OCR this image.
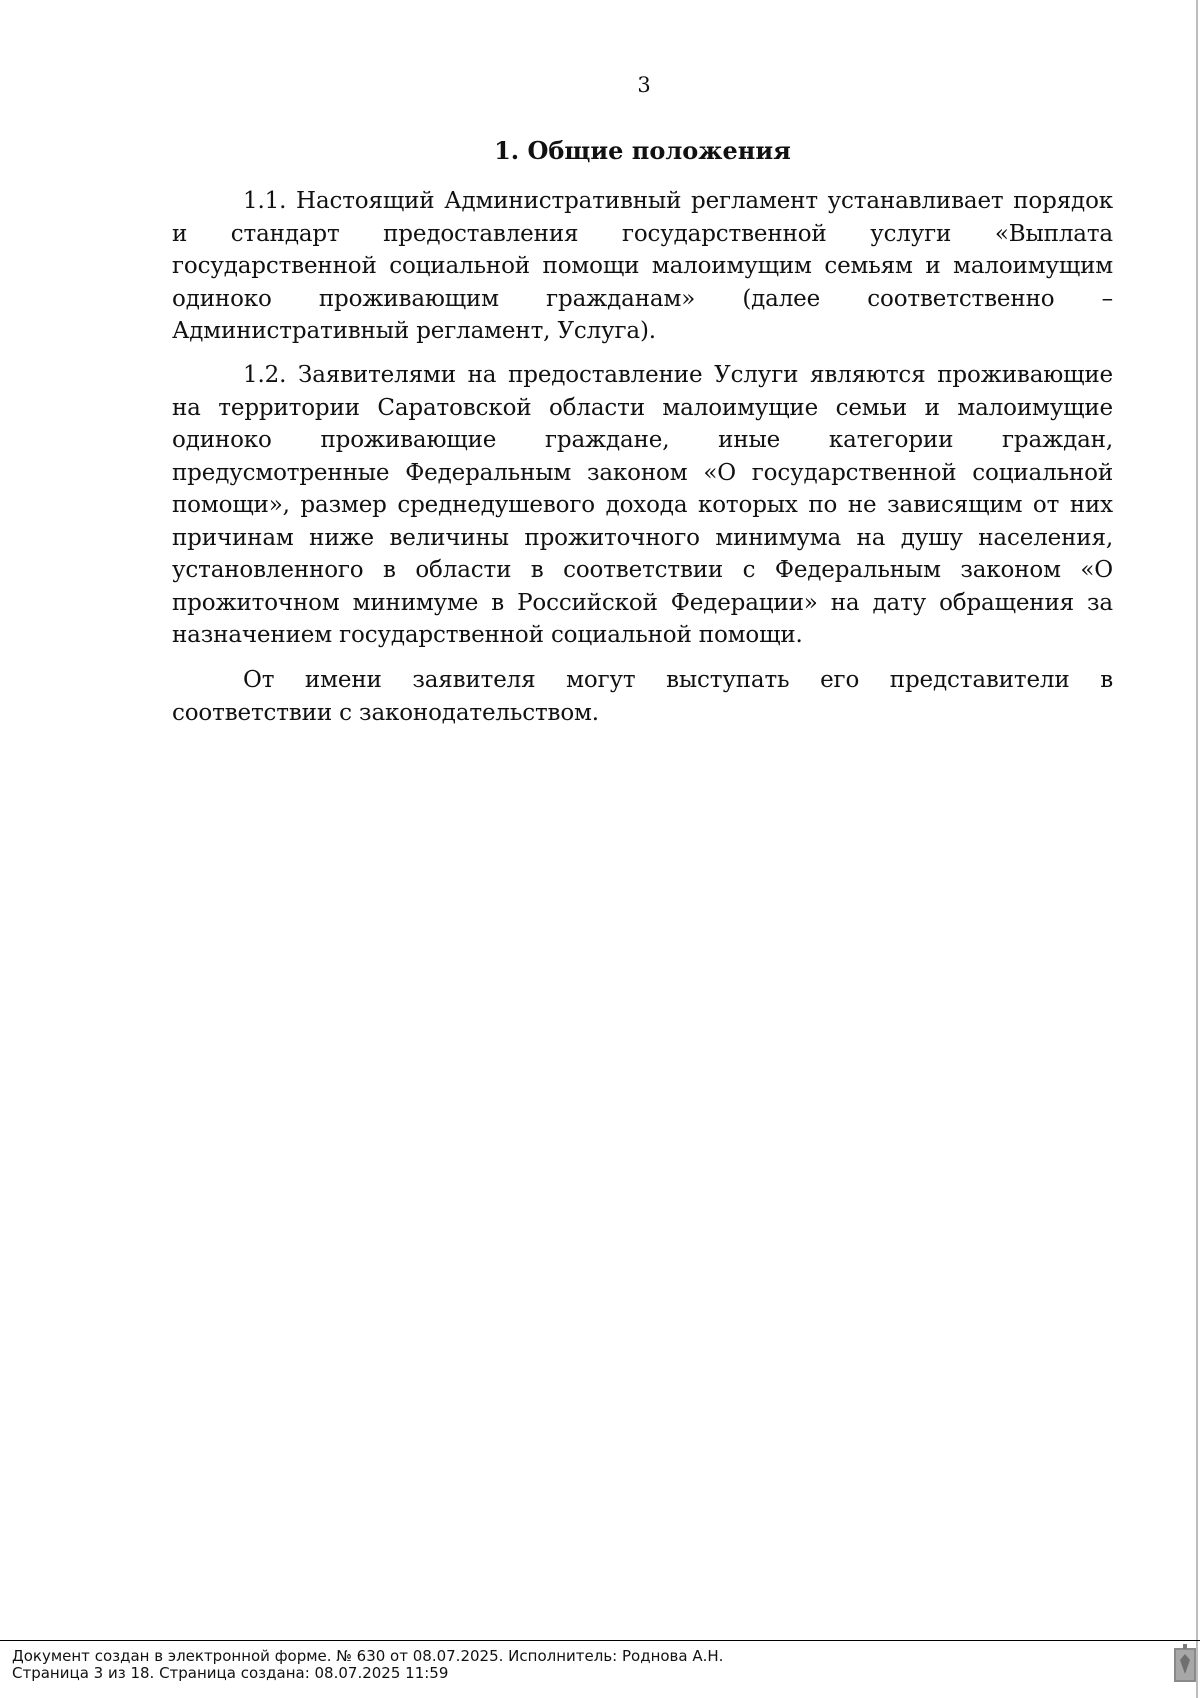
3
1. Общие положения

1.1. Настоящий Административный регламент устанавливает порядок и стандарт предоставления государственной услуги «Выплата государственной социальной помощи малоимущим семьям и малоимущим одиноко проживающим гражданам» (далее соответственно – Административный регламент, Услуга).

1.2. Заявителями на предоставление Услуги являются проживающие на территории Саратовской области малоимущие семьи и малоимущие одиноко проживающие граждане, иные категории граждан, предусмотренные Федеральным законом «О государственной социальной помощи», размер среднедушевого дохода которых по не зависящим от них причинам ниже величины прожиточного минимума на душу населения, установленного в области в соответствии с Федеральным законом «О прожиточном минимуме в Российской Федерации» на дату обращения за назначением государственной социальной помощи.

От имени заявителя могут выступать его представители в соответствии с законодательством.

Документ создан в электронной форме. № 630 от 08.07.2025. Исполнитель: Роднова А.Н.
Страница 3 из 18. Страница создана: 08.07.2025 11:59
